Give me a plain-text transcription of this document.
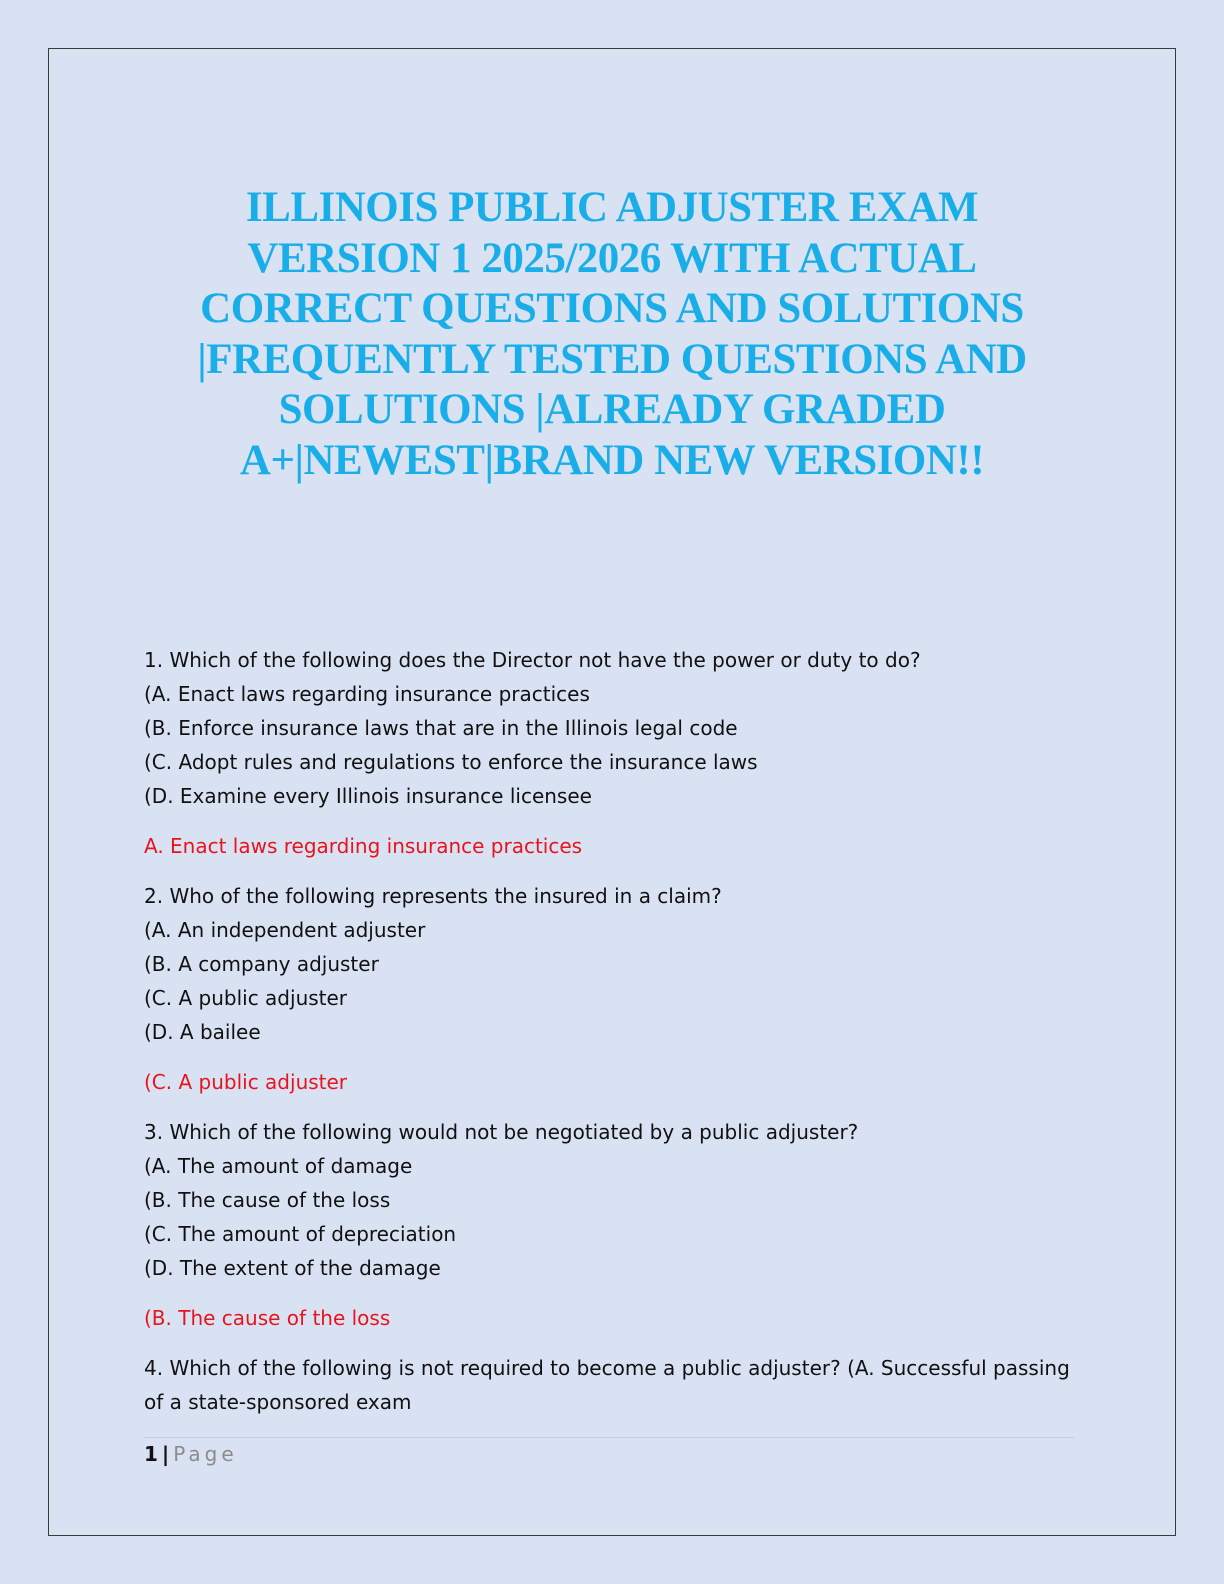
ILLINOIS PUBLIC ADJUSTER EXAM
VERSION 1 2025/2026 WITH ACTUAL
CORRECT QUESTIONS AND SOLUTIONS
|FREQUENTLY TESTED QUESTIONS AND
SOLUTIONS |ALREADY GRADED
A+|NEWEST|BRAND NEW VERSION!!
1. Which of the following does the Director not have the power or duty to do?
(A. Enact laws regarding insurance practices
(B. Enforce insurance laws that are in the Illinois legal code
(C. Adopt rules and regulations to enforce the insurance laws
(D. Examine every Illinois insurance licensee
A. Enact laws regarding insurance practices
2. Who of the following represents the insured in a claim?
(A. An independent adjuster
(B. A company adjuster
(C. A public adjuster
(D. A bailee
(C. A public adjuster
3. Which of the following would not be negotiated by a public adjuster?
(A. The amount of damage
(B. The cause of the loss
(C. The amount of depreciation
(D. The extent of the damage
(B. The cause of the loss
4. Which of the following is not required to become a public adjuster? (A. Successful passing of a state-sponsored exam
1 | Page
